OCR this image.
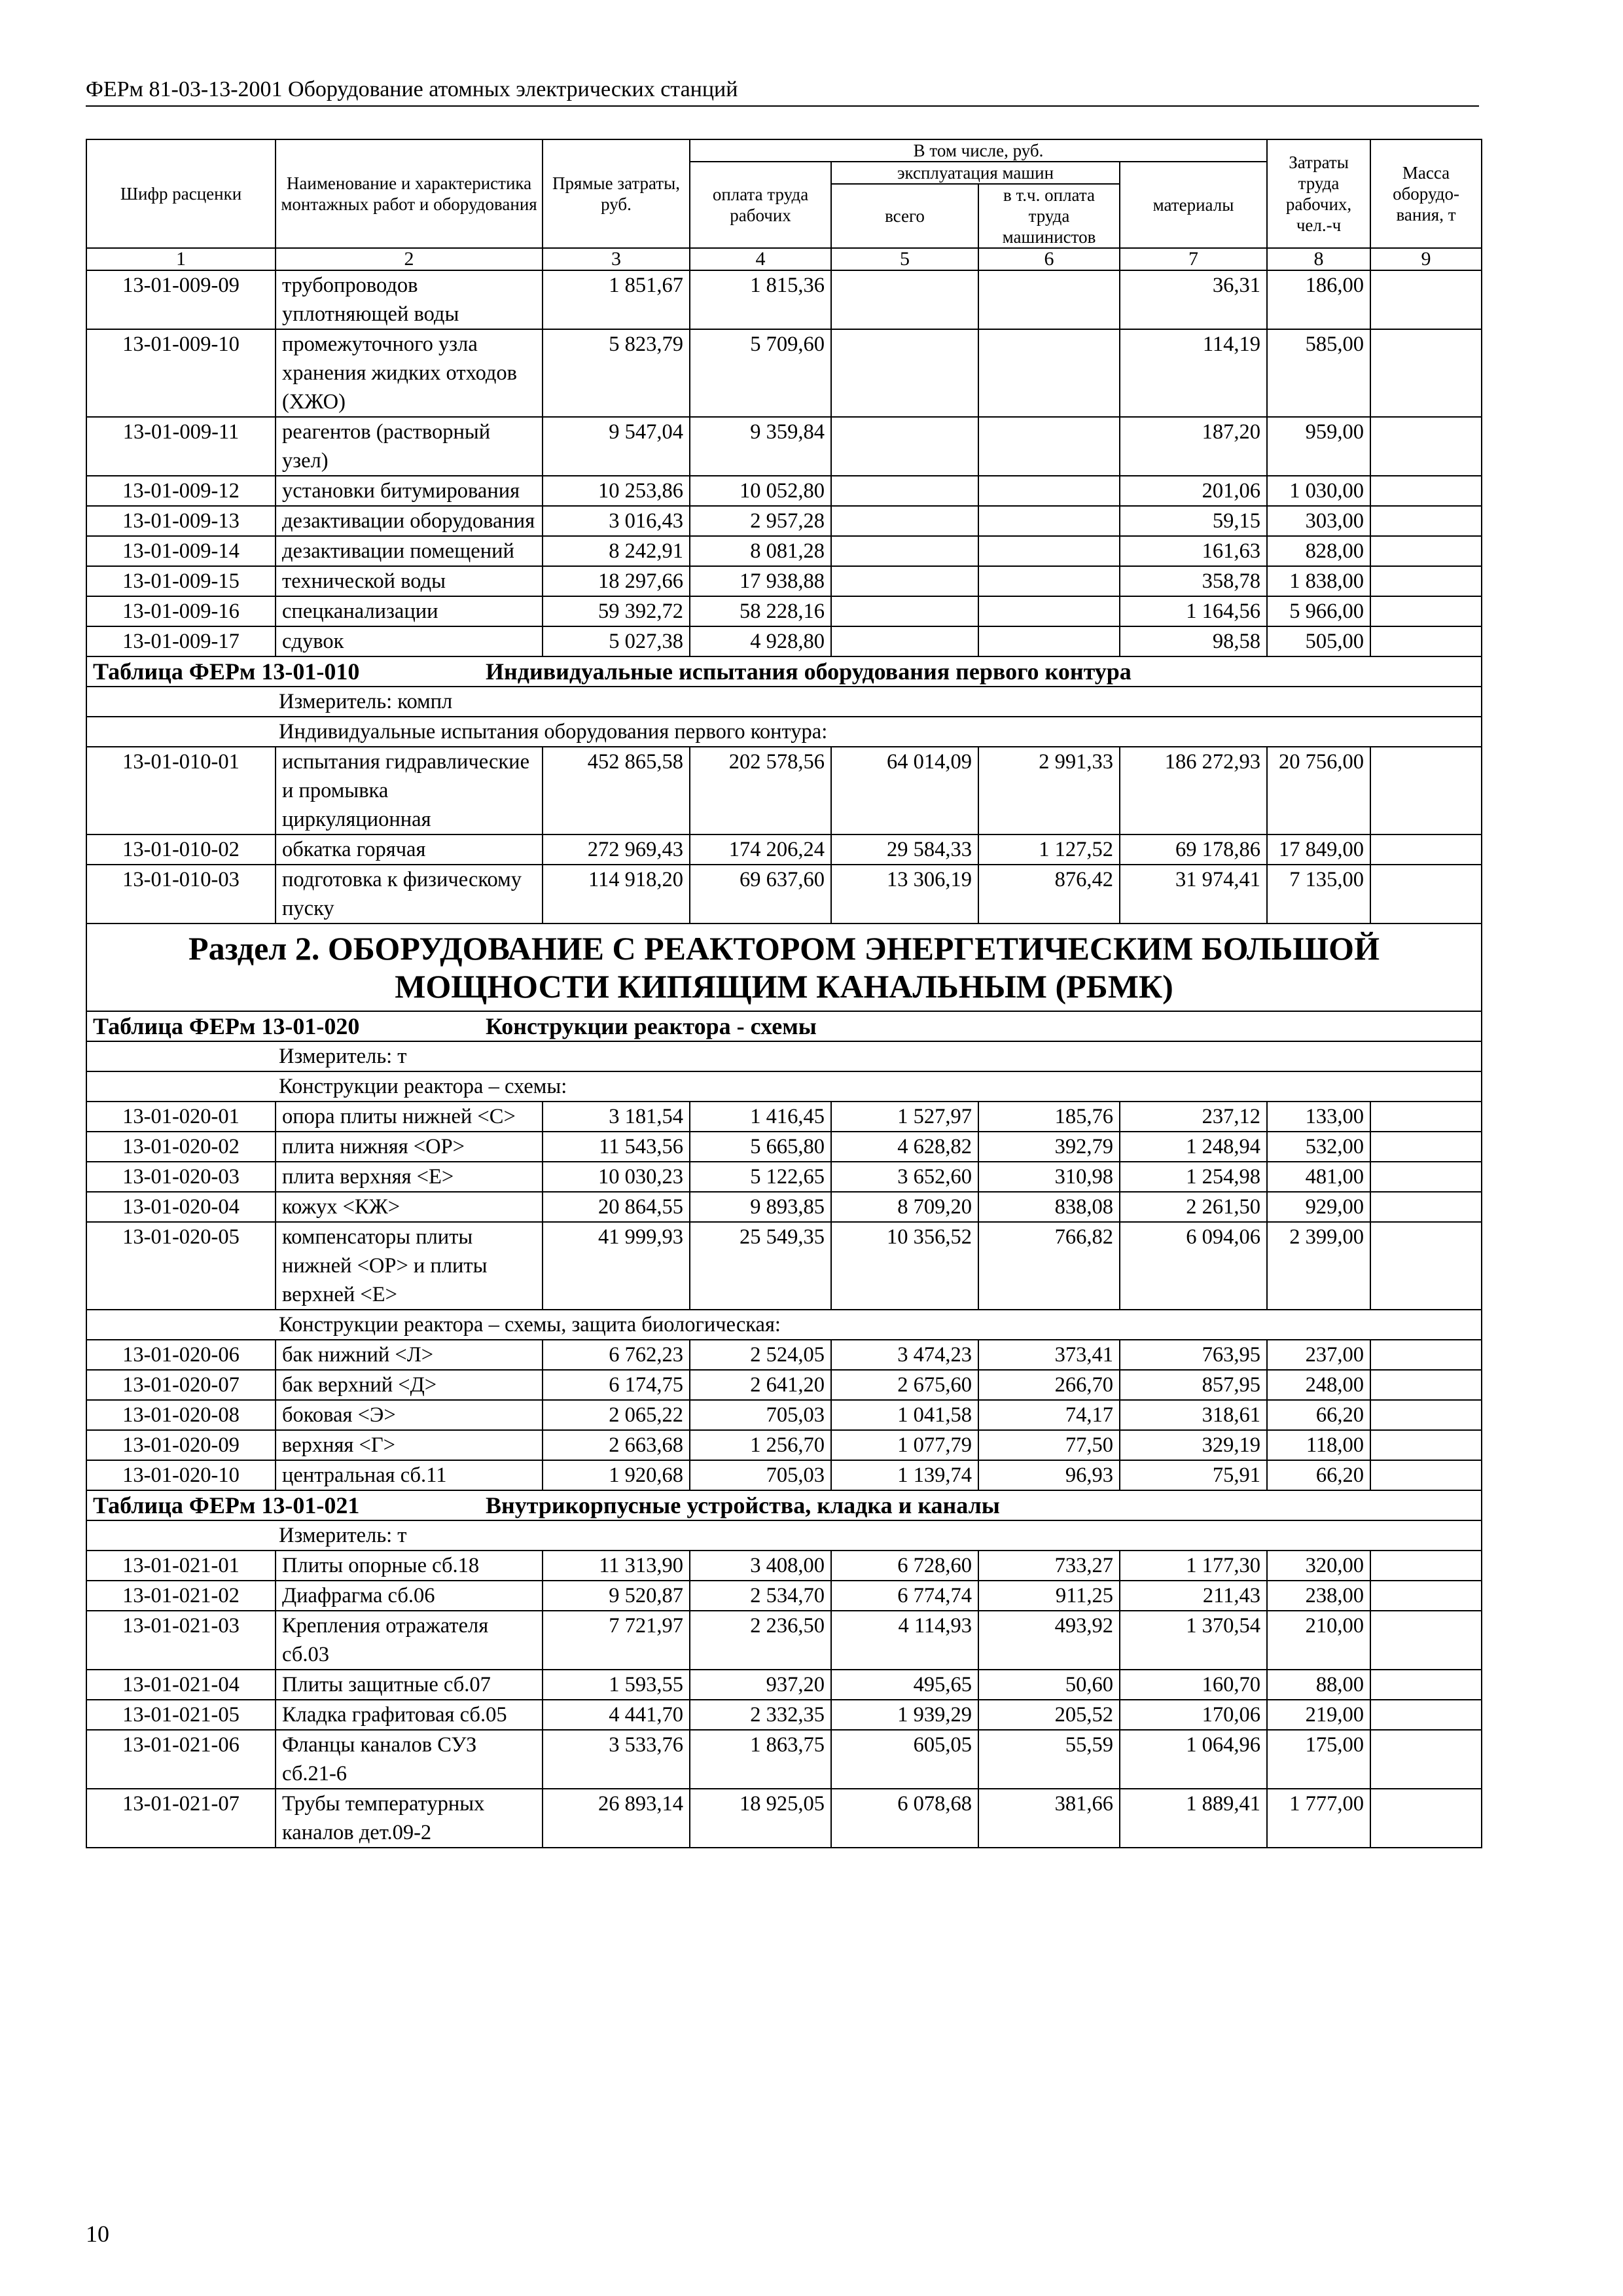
ФЕРм 81-03-13-2001 Оборудование атомных электрических станций
Шифр расценки	Наименование и характеристика монтажных работ и оборудования	Прямые затраты, руб.	В том числе, руб.				Затраты труда рабочих, чел.-ч	Масса оборудо-вания, т
			оплата труда рабочих	эксплуатация машин		материалы		
				всего	в т.ч. оплата труда машинистов			
1	2	3	4	5	6	7	8	9
13-01-009-09	трубопроводов уплотняющей воды	1 851,67	1 815,36			36,31	186,00	
13-01-009-10	промежуточного узла хранения жидких отходов (ХЖО)	5 823,79	5 709,60			114,19	585,00	
13-01-009-11	реагентов (растворный узел)	9 547,04	9 359,84			187,20	959,00	
13-01-009-12	установки битумирования	10 253,86	10 052,80			201,06	1 030,00	
13-01-009-13	дезактивации оборудования	3 016,43	2 957,28			59,15	303,00	
13-01-009-14	дезактивации помещений	8 242,91	8 081,28			161,63	828,00	
13-01-009-15	технической воды	18 297,66	17 938,88			358,78	1 838,00	
13-01-009-16	спецканализации	59 392,72	58 228,16			1 164,56	5 966,00	
13-01-009-17	сдувок	5 027,38	4 928,80			98,58	505,00	
Таблица ФЕРм 13-01-010 Индивидуальные испытания оборудования первого контура								
Измеритель: компл								
Индивидуальные испытания оборудования первого контура:								
13-01-010-01	испытания гидравлические и промывка циркуляционная	452 865,58	202 578,56	64 014,09	2 991,33	186 272,93	20 756,00	
13-01-010-02	обкатка горячая	272 969,43	174 206,24	29 584,33	1 127,52	69 178,86	17 849,00	
13-01-010-03	подготовка к физическому пуску	114 918,20	69 637,60	13 306,19	876,42	31 974,41	7 135,00	
Раздел 2. ОБОРУДОВАНИЕ С РЕАКТОРОМ ЭНЕРГЕТИЧЕСКИМ БОЛЬШОЙ МОЩНОСТИ КИПЯЩИМ КАНАЛЬНЫМ (РБМК)								
Таблица ФЕРм 13-01-020 Конструкции реактора - схемы								
Измеритель: т								
Конструкции реактора – схемы:								
13-01-020-01	опора плиты нижней <С>	3 181,54	1 416,45	1 527,97	185,76	237,12	133,00	
13-01-020-02	плита нижняя <ОР>	11 543,56	5 665,80	4 628,82	392,79	1 248,94	532,00	
13-01-020-03	плита верхняя <Е>	10 030,23	5 122,65	3 652,60	310,98	1 254,98	481,00	
13-01-020-04	кожух <КЖ>	20 864,55	9 893,85	8 709,20	838,08	2 261,50	929,00	
13-01-020-05	компенсаторы плиты нижней <ОР> и плиты верхней <Е>	41 999,93	25 549,35	10 356,52	766,82	6 094,06	2 399,00	
Конструкции реактора – схемы, защита биологическая:								
13-01-020-06	бак нижний <Л>	6 762,23	2 524,05	3 474,23	373,41	763,95	237,00	
13-01-020-07	бак верхний <Д>	6 174,75	2 641,20	2 675,60	266,70	857,95	248,00	
13-01-020-08	боковая <Э>	2 065,22	705,03	1 041,58	74,17	318,61	66,20	
13-01-020-09	верхняя <Г>	2 663,68	1 256,70	1 077,79	77,50	329,19	118,00	
13-01-020-10	центральная сб.11	1 920,68	705,03	1 139,74	96,93	75,91	66,20	
Таблица ФЕРм 13-01-021 Внутрикорпусные устройства, кладка и каналы								
Измеритель: т								
13-01-021-01	Плиты опорные сб.18	11 313,90	3 408,00	6 728,60	733,27	1 177,30	320,00	
13-01-021-02	Диафрагма сб.06	9 520,87	2 534,70	6 774,74	911,25	211,43	238,00	
13-01-021-03	Крепления отражателя сб.03	7 721,97	2 236,50	4 114,93	493,92	1 370,54	210,00	
13-01-021-04	Плиты защитные сб.07	1 593,55	937,20	495,65	50,60	160,70	88,00	
13-01-021-05	Кладка графитовая сб.05	4 441,70	2 332,35	1 939,29	205,52	170,06	219,00	
13-01-021-06	Фланцы каналов СУЗ сб.21-6	3 533,76	1 863,75	605,05	55,59	1 064,96	175,00	
13-01-021-07	Трубы температурных каналов дет.09-2	26 893,14	18 925,05	6 078,68	381,66	1 889,41	1 777,00	
10
